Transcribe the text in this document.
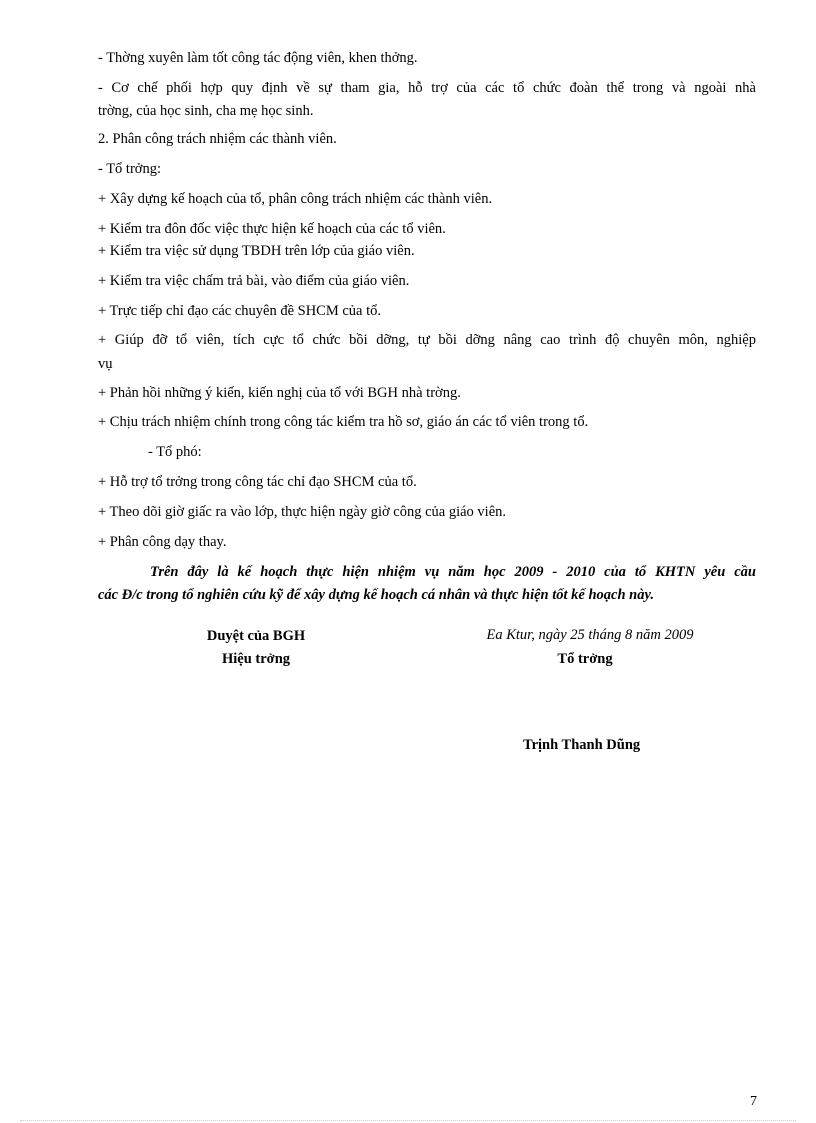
- Thờng xuyên làm tốt công tác động viên, khen thởng.
- Cơ chế phối hợp quy định về sự tham gia, hỗ trợ của các tổ chức đoàn thể trong và ngoài nhà
trờng, của học sinh, cha mẹ học sinh.
2. Phân công trách nhiệm các thành viên.
- Tổ trởng:
+ Xây dựng kế hoạch của tổ, phân công trách nhiệm các thành viên.
+ Kiểm tra đôn đốc việc thực hiện kế hoạch của các tổ viên.
+ Kiểm tra việc sử dụng TBDH trên lớp của giáo viên.
+ Kiểm tra việc chấm trả bài, vào điểm của giáo viên.
+ Trực tiếp chỉ đạo các chuyên đề SHCM của tổ.
+ Giúp đỡ tổ viên, tích cực tổ chức bồi dỡng, tự bồi dỡng nâng cao trình độ chuyên môn, nghiệp
vụ
+ Phản hồi những ý kiến, kiến nghị của tổ với BGH nhà trờng.
+ Chịu trách nhiệm chính trong công tác kiểm tra hồ sơ, giáo án các tổ viên trong tổ.
- Tổ phó:
+ Hỗ trợ tổ trởng trong công tác chỉ đạo SHCM của tổ.
+ Theo dõi giờ giấc ra vào lớp, thực hiện ngày giờ công của giáo viên.
+ Phân công dạy thay.
Trên đây là kế hoạch thực hiện nhiệm vụ năm học 2009 - 2010 của tổ KHTN yêu cầu
các Đ/c trong tổ nghiên cứu kỹ để xây dựng kế hoạch cá nhân và thực hiện tốt kế hoạch này.
Duyệt của BGH
Hiệu trởng
Ea Ktur, ngày 25 tháng 8 năm 2009
Tổ trởng
Trịnh Thanh Dũng
7
